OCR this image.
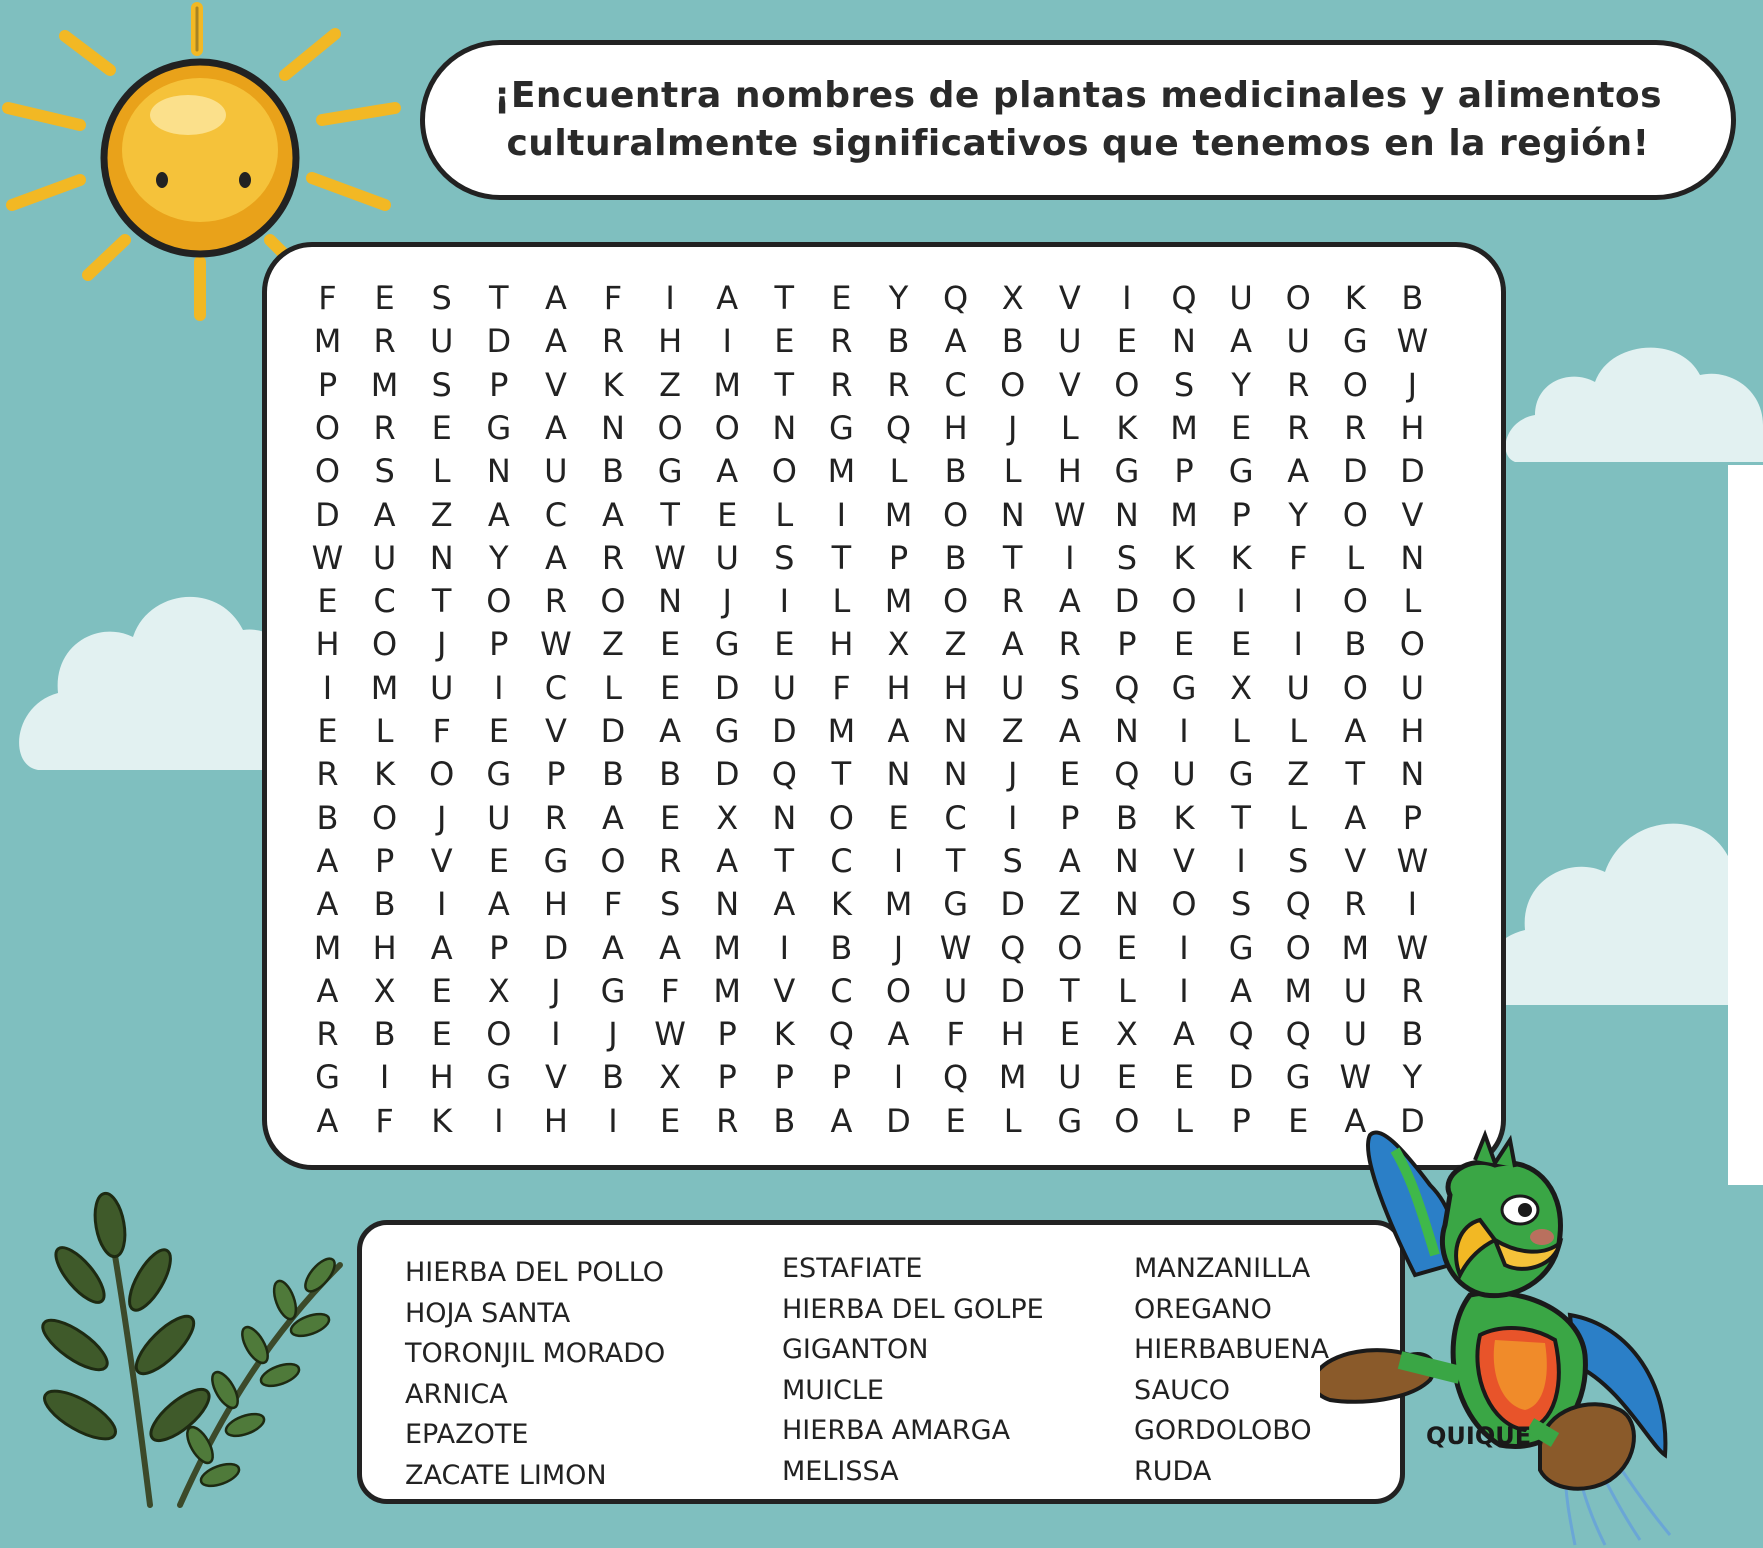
¡Encuentra nombres de plantas medicinales y alimentos
culturalmente significativos que tenemos en la región!
F	E	S	T	A	F	I	A	T	E	Y	Q	X	V	I	Q	U	O	K	B
M	R	U	D	A	R	H	I	E	R	B	A	B	U	E	N	A	U	G W
P	M	S	P	V	K	Z	M	T	R	R	C	O	V	O	S	Y	R	O	J
O	R	E	G	A	N	O O	N	G	Q	H	J	L	K	M	E	R	R	H
O	S	L	N	U	B	G	A	O M	L	B	L	H	G	P	G	A	D	D
D	A	Z	A	C	A	T	E	L	I	M O	N W N M	P	Y	O	V
W U	N	Y	A	R W U	S	T	P	B	T	I	S	K	K	F	L	N
E	C	T	O	R	O	N	J	I	L	M O	R	A	D	O	I	I	O	L
H	O	J	P W Z	E	G	E	H	X	Z	A	R	P	E	E	I	B	O
I	M U	I	C	L	E	D	U	F	H	H	U	S	Q	G	X	U	O	U
E	L	F	E	V	D	A	G	D M	A	N	Z	A	N	I	L	L	A	H
R	K	O	G	P	B	B	D	Q	T	N	N	J	E	Q	U	G	Z	T	N
B	O	J	U	R	A	E	X	N	O	E	C	I	P	B	K	T	L	A	P
A	P	V	E	G	O	R	A	T	C	I	T	S	A	N	V	I	S	V W
A	B	I	A	H	F	S	N	A	K	M G	D	Z	N	O	S	Q	R	I
M H	A	P	D	A	A	M	I	B	J	W Q O	E	I	G	O M W
A	X	E	X	J	G	F	M	V	C	O	U	D	T	L	I	A	M U	R
R	B	E	O	I	J	W P	K	Q	A	F	H	E	X	A	Q Q	U	B
G	I	H	G	V	B	X	P	P	P	I	Q M U	E	E	D	G W Y
A	F	K	I	H	I	E	R	B	A	D	E	L	G	O	L	P	E	A	D
HIERBA DEL POLLO
HOJA SANTA
TORONJIL MORADO
ARNICA
EPAZOTE
ZACATE LIMON
ESTAFIATE
HIERBA DEL GOLPE
GIGANTON
MUICLE
HIERBA AMARGA
MELISSA
MANZANILLA
OREGANO
HIERBABUENA
SAUCO
GORDOLOBO
RUDA
QUIQUE
